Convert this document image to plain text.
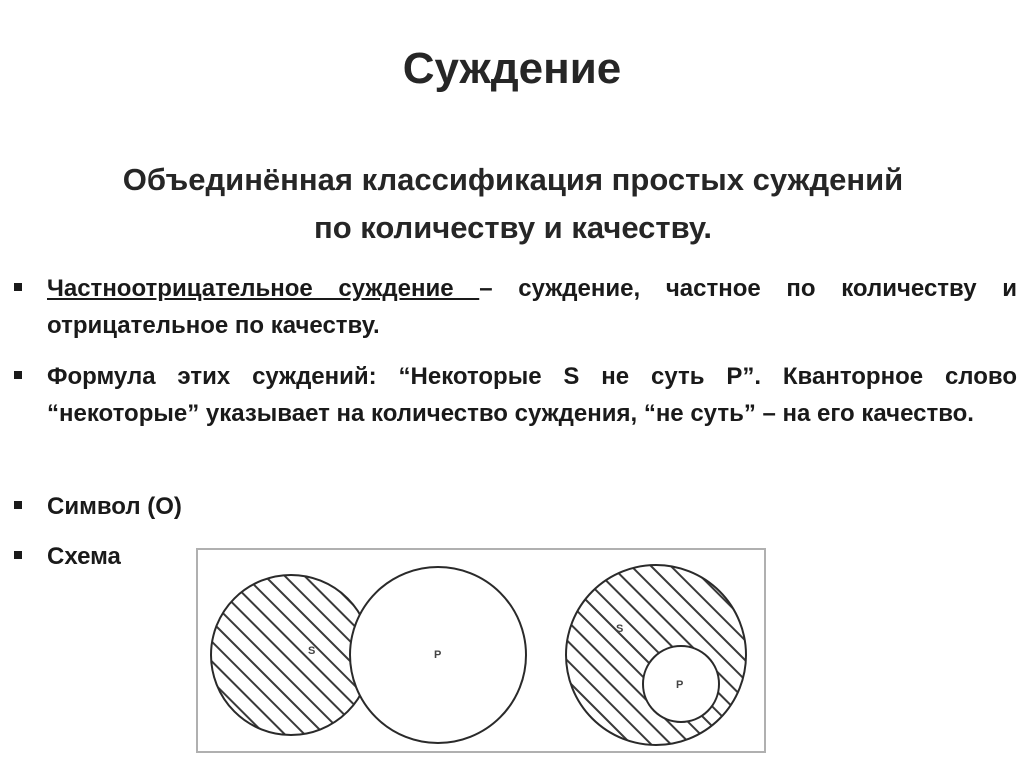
Суждение
Объединённая классификация простых суждений
по количеству и качеству.
Частноотрицательное суждение – суждение, частное по количеству и отрицательное по качеству.
Формула этих суждений: “Некоторые S не суть P”. Кванторное слово “некоторые” указывает на количество суждения, “не суть” – на его качество.
Символ (О)
Схема
S	P
S
P
